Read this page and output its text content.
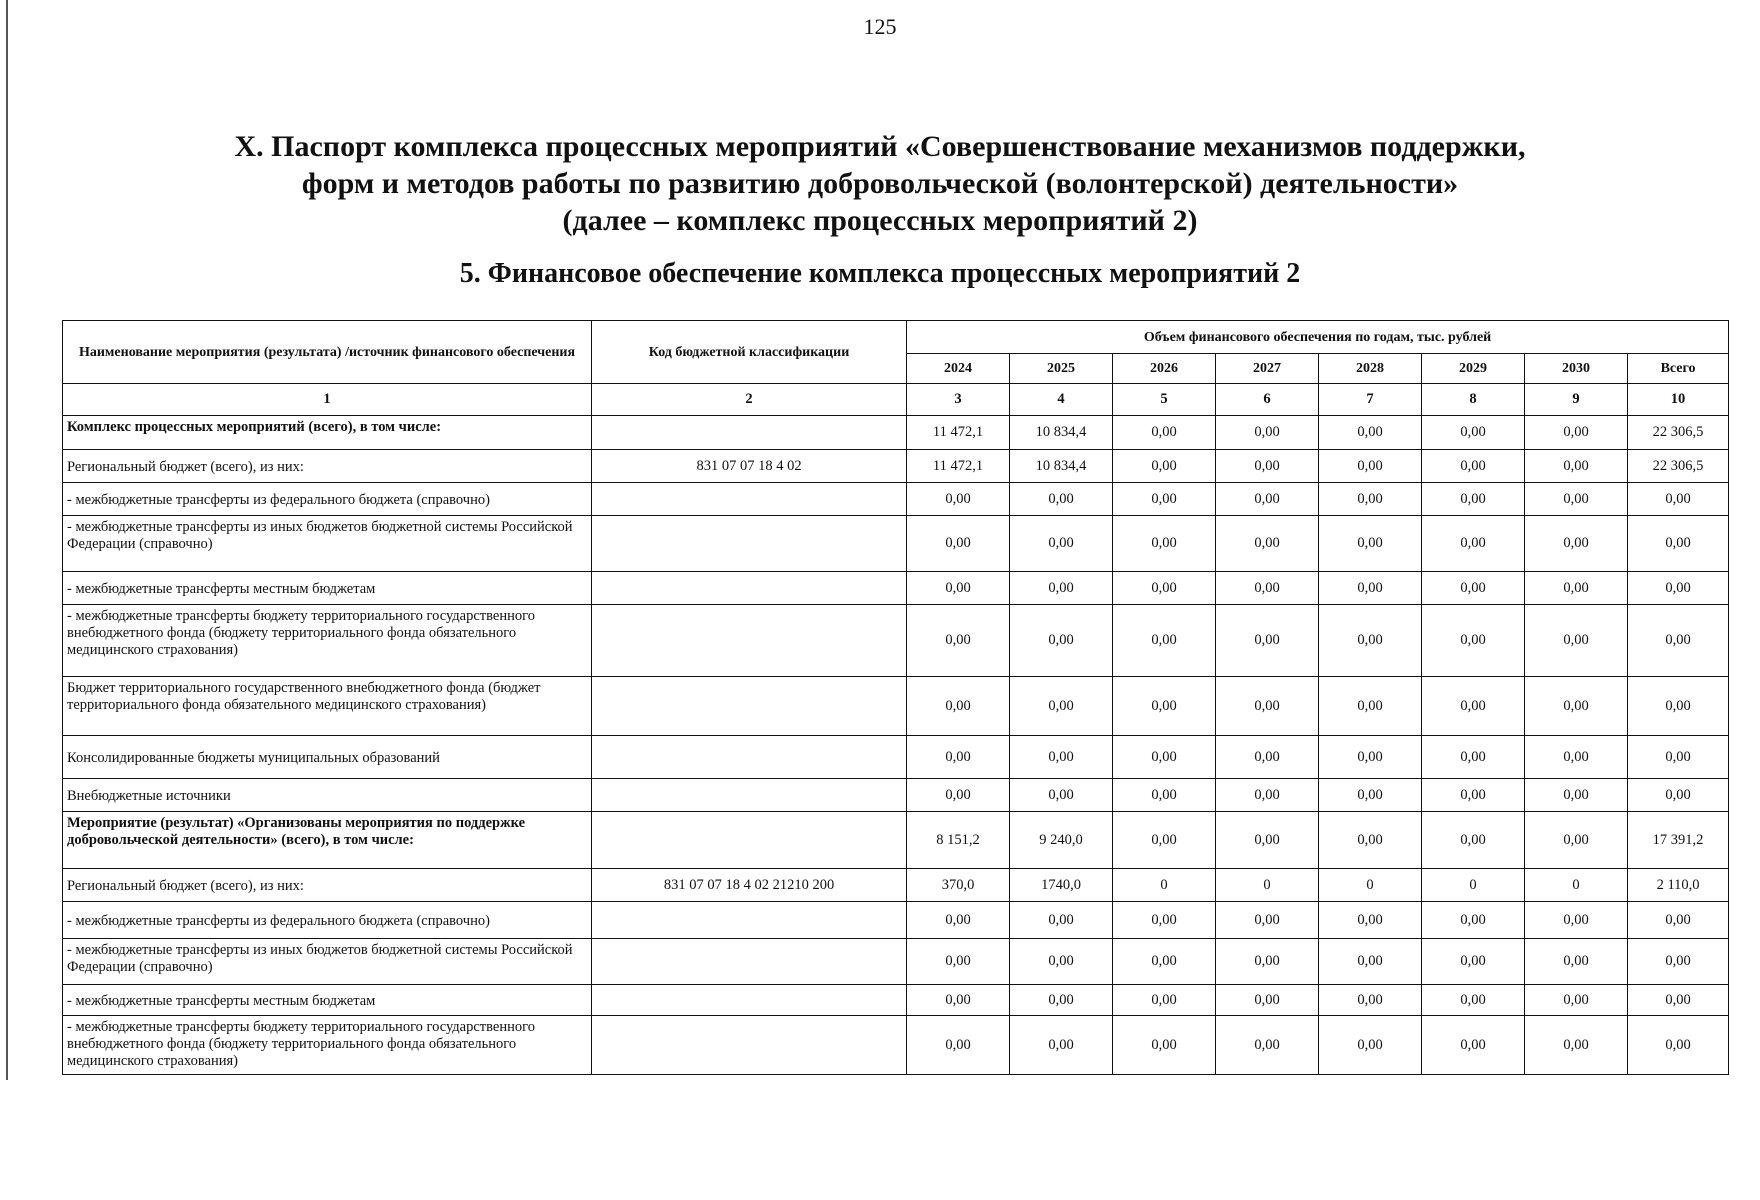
125
X. Паспорт комплекса процессных мероприятий «Совершенствование механизмов поддержки,
форм и методов работы по развитию добровольческой (волонтерской) деятельности»
(далее – комплекс процессных мероприятий 2)
5. Финансовое обеспечение комплекса процессных мероприятий 2
Наименование мероприятия (результата) /источник финансового обеспечения	Код бюджетной классификации	Объем финансового обеспечения по годам, тыс. рублей							
		2024	2025	2026	2027	2028	2029	2030	Всего
1	2	3	4	5	6	7	8	9	10
Комплекс процессных мероприятий (всего), в том числе:		11 472,1	10 834,4	0,00	0,00	0,00	0,00	0,00	22 306,5
Региональный бюджет (всего), из них:	831 07 07 18 4 02	11 472,1	10 834,4	0,00	0,00	0,00	0,00	0,00	22 306,5
- межбюджетные трансферты из федерального бюджета (справочно)		0,00	0,00	0,00	0,00	0,00	0,00	0,00	0,00
- межбюджетные трансферты из иных бюджетов бюджетной системы Российской Федерации (справочно)		0,00	0,00	0,00	0,00	0,00	0,00	0,00	0,00
- межбюджетные трансферты местным бюджетам		0,00	0,00	0,00	0,00	0,00	0,00	0,00	0,00
- межбюджетные трансферты бюджету территориального государственного внебюджетного фонда (бюджету территориального фонда обязательного медицинского страхования)		0,00	0,00	0,00	0,00	0,00	0,00	0,00	0,00
Бюджет территориального государственного внебюджетного фонда (бюджет территориального фонда обязательного медицинского страхования)		0,00	0,00	0,00	0,00	0,00	0,00	0,00	0,00
Консолидированные бюджеты муниципальных образований		0,00	0,00	0,00	0,00	0,00	0,00	0,00	0,00
Внебюджетные источники		0,00	0,00	0,00	0,00	0,00	0,00	0,00	0,00
Мероприятие (результат) «Организованы мероприятия по поддержке добровольческой деятельности» (всего), в том числе:		8 151,2	9 240,0	0,00	0,00	0,00	0,00	0,00	17 391,2
Региональный бюджет (всего), из них:	831 07 07 18 4 02 21210 200	370,0	1740,0	0	0	0	0	0	2 110,0
- межбюджетные трансферты из федерального бюджета (справочно)		0,00	0,00	0,00	0,00	0,00	0,00	0,00	0,00
- межбюджетные трансферты из иных бюджетов бюджетной системы Российской Федерации (справочно)		0,00	0,00	0,00	0,00	0,00	0,00	0,00	0,00
- межбюджетные трансферты местным бюджетам		0,00	0,00	0,00	0,00	0,00	0,00	0,00	0,00
- межбюджетные трансферты бюджету территориального государственного внебюджетного фонда (бюджету территориального фонда обязательного медицинского страхования)		0,00	0,00	0,00	0,00	0,00	0,00	0,00	0,00
